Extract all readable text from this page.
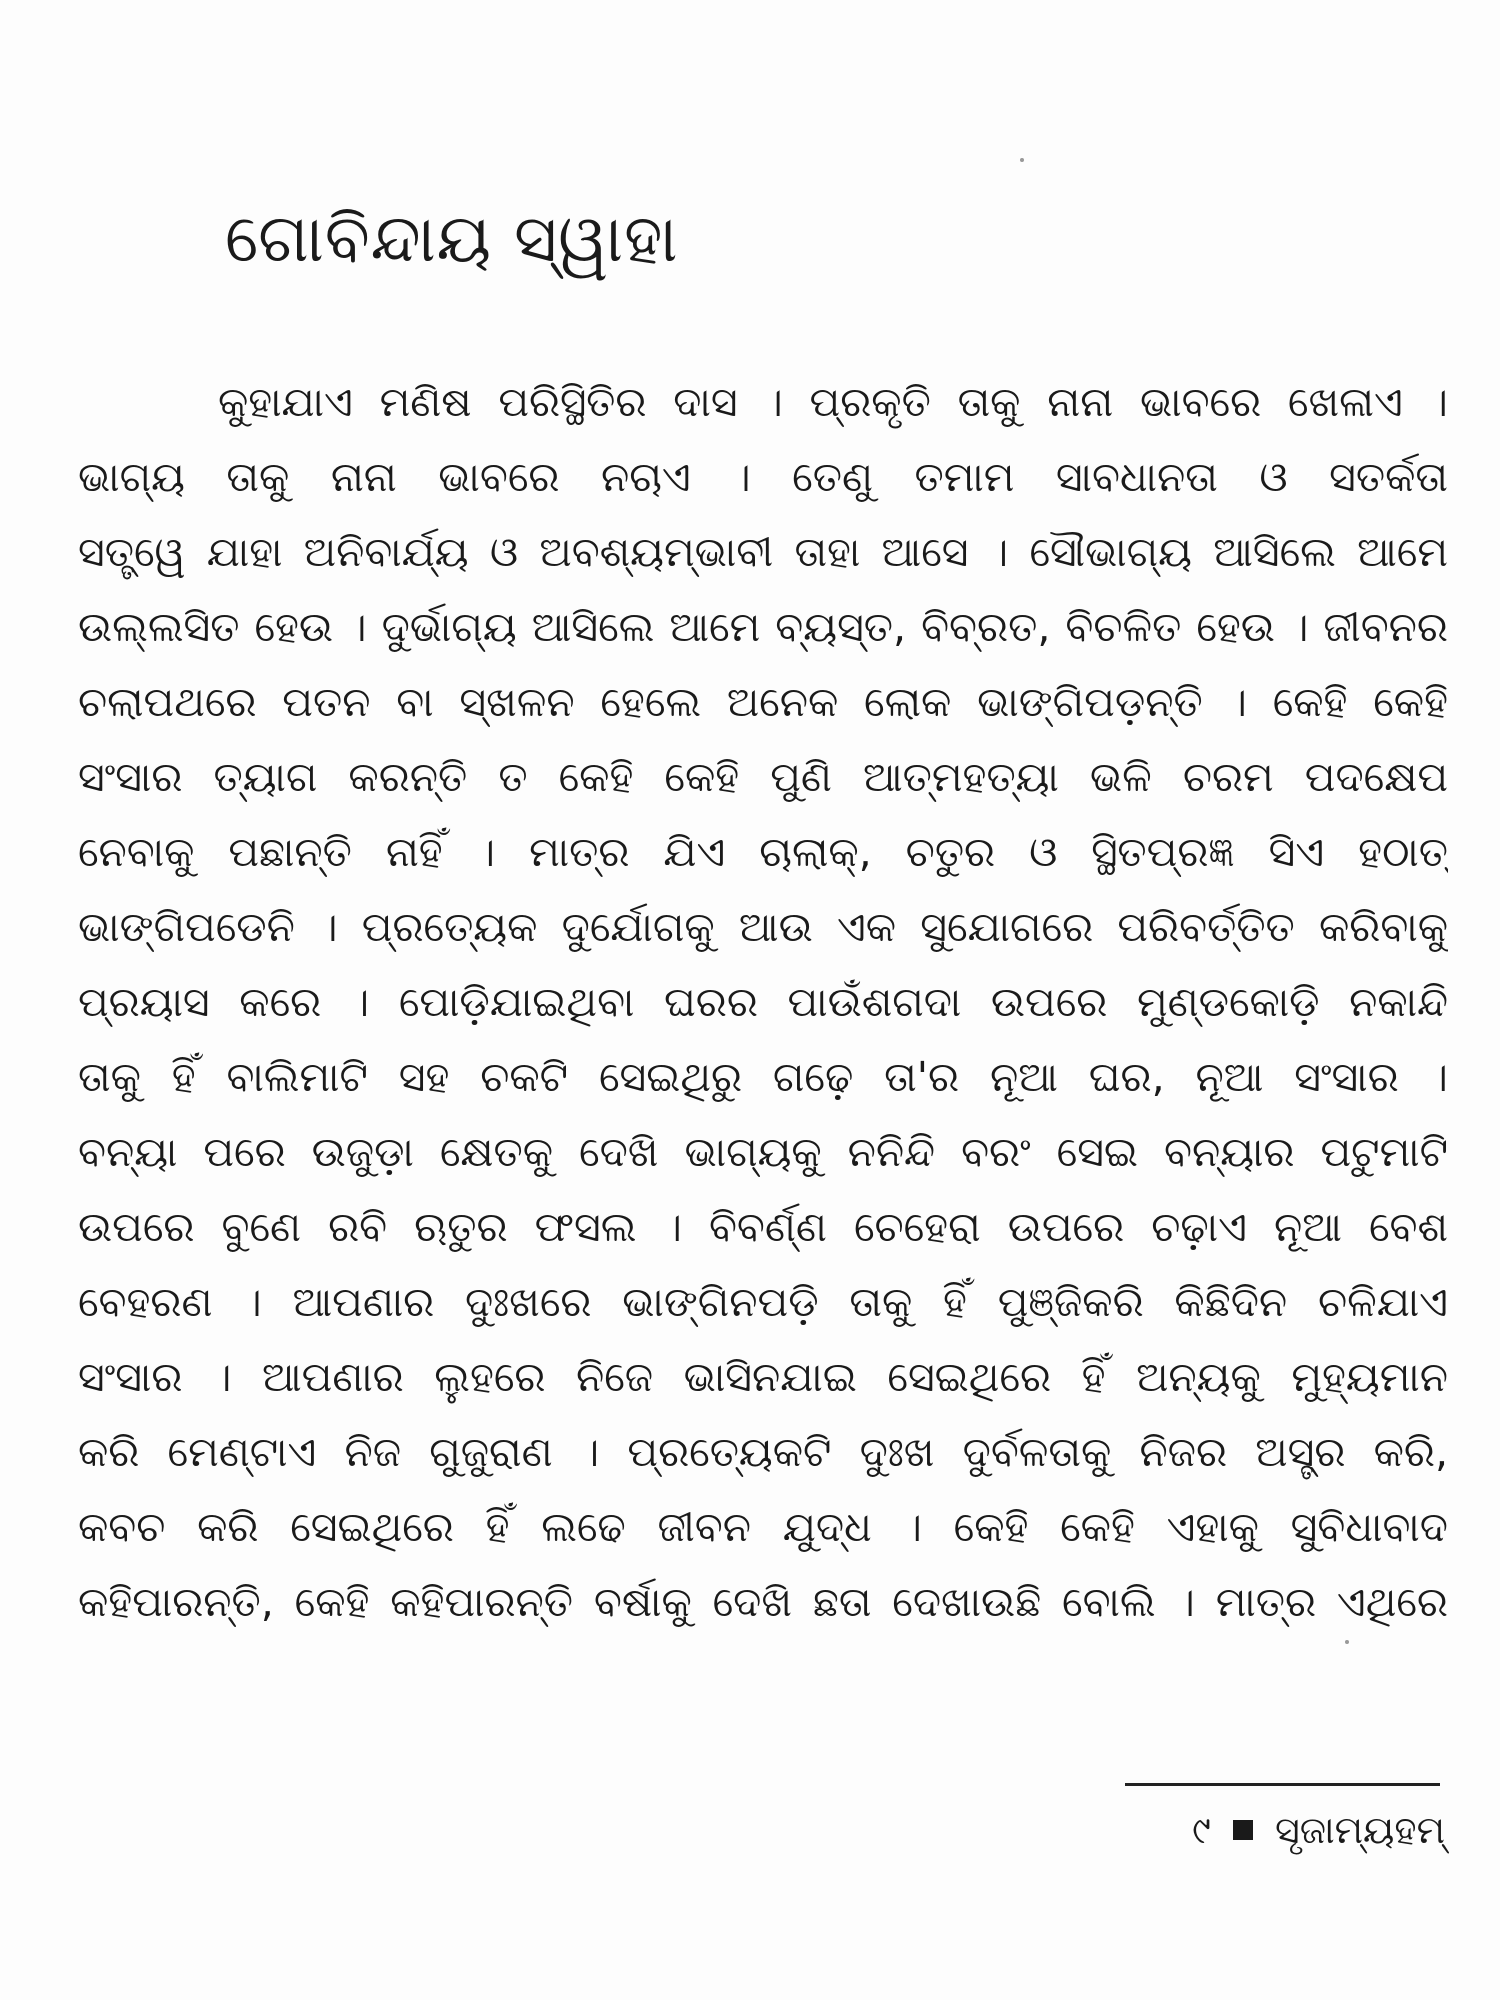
ଗୋବିନ୍ଦାୟ ସ୍ୱାହା
କୁହାଯାଏ ମଣିଷ ପରିସ୍ଥିତିର ଦାସ । ପ୍ରକୃତି ତାକୁ ନାନା ଭାବରେ ଖେଳାଏ ।
ଭାଗ୍ୟ ତାକୁ ନାନା ଭାବରେ ନଚାଏ । ତେଣୁ ତମାମ ସାବଧାନତା ଓ ସତର୍କତା
ସତ୍ତ୍ୱେ ଯାହା ଅନିବାର୍ଯ୍ୟ ଓ ଅବଶ୍ୟମ୍ଭାବୀ ତାହା ଆସେ । ସୌଭାଗ୍ୟ ଆସିଲେ ଆମେ
ଉଲ୍ଲସିତ ହେଉ । ଦୁର୍ଭାଗ୍ୟ ଆସିଲେ ଆମେ ବ୍ୟସ୍ତ, ବିବ୍ରତ, ବିଚଳିତ ହେଉ । ଜୀବନର
ଚଲାପଥରେ ପତନ ବା ସ୍ଖଳନ ହେଲେ ଅନେକ ଲୋକ ଭାଙ୍ଗିପଡ଼ନ୍ତି । କେହି କେହି
ସଂସାର ତ୍ୟାଗ କରନ୍ତି ତ କେହି କେହି ପୁଣି ଆତ୍ମହତ୍ୟା ଭଳି ଚରମ ପଦକ୍ଷେପ
ନେବାକୁ ପଛାନ୍ତି ନାହିଁ । ମାତ୍ର ଯିଏ ଚାଲାକ୍, ଚତୁର ଓ ସ୍ଥିତପ୍ରଜ୍ଞ ସିଏ ହଠାତ୍
ଭାଙ୍ଗିପଡେନି । ପ୍ରତ୍ୟେକ ଦୁର୍ଯୋଗକୁ ଆଉ ଏକ ସୁଯୋଗରେ ପରିବର୍ତ୍ତିତ କରିବାକୁ
ପ୍ରୟାସ କରେ । ପୋଡ଼ିଯାଇଥିବା ଘରର ପାଉଁଶଗଦା ଉପରେ ମୁଣ୍ଡକୋଡ଼ି ନକାନ୍ଦି
ତାକୁ ହିଁ ବାଲିମାଟି ସହ ଚକଟି ସେଇଥିରୁ ଗଢ଼େ ତା'ର ନୂଆ ଘର, ନୂଆ ସଂସାର ।
ବନ୍ୟା ପରେ ଉଜୁଡ଼ା କ୍ଷେତକୁ ଦେଖି ଭାଗ୍ୟକୁ ନନିନ୍ଦି ବରଂ ସେଇ ବନ୍ୟାର ପଟୁମାଟି
ଉପରେ ବୁଣେ ରବି ଋତୁର ଫସଲ । ବିବର୍ଣ୍ଣ ଚେହେରା ଉପରେ ଚଢ଼ାଏ ନୂଆ ବେଶ
ବେହରଣ । ଆପଣାର ଦୁଃଖରେ ଭାଙ୍ଗିନପଡ଼ି ତାକୁ ହିଁ ପୁଞ୍ଜିକରି କିଛିଦିନ ଚଳିଯାଏ
ସଂସାର । ଆପଣାର ଲୁହରେ ନିଜେ ଭାସିନଯାଇ ସେଇଥିରେ ହିଁ ଅନ୍ୟକୁ ମୁହ୍ୟମାନ
କରି ମେଣ୍ଟାଏ ନିଜ ଗୁଜୁରାଣ । ପ୍ରତ୍ୟେକଟି ଦୁଃଖ ଦୁର୍ବଳତାକୁ ନିଜର ଅସ୍ତ୍ର କରି,
କବଚ କରି ସେଇଥିରେ ହିଁ ଲଢେ ଜୀବନ ଯୁଦ୍ଧ । କେହି କେହି ଏହାକୁ ସୁବିଧାବାଦ
କହିପାରନ୍ତି, କେହି କହିପାରନ୍ତି ବର୍ଷାକୁ ଦେଖି ଛତା ଦେଖାଉଛି ବୋଲି । ମାତ୍ର ଏଥିରେ
୯ ସୃଜାମ୍ୟହମ୍
